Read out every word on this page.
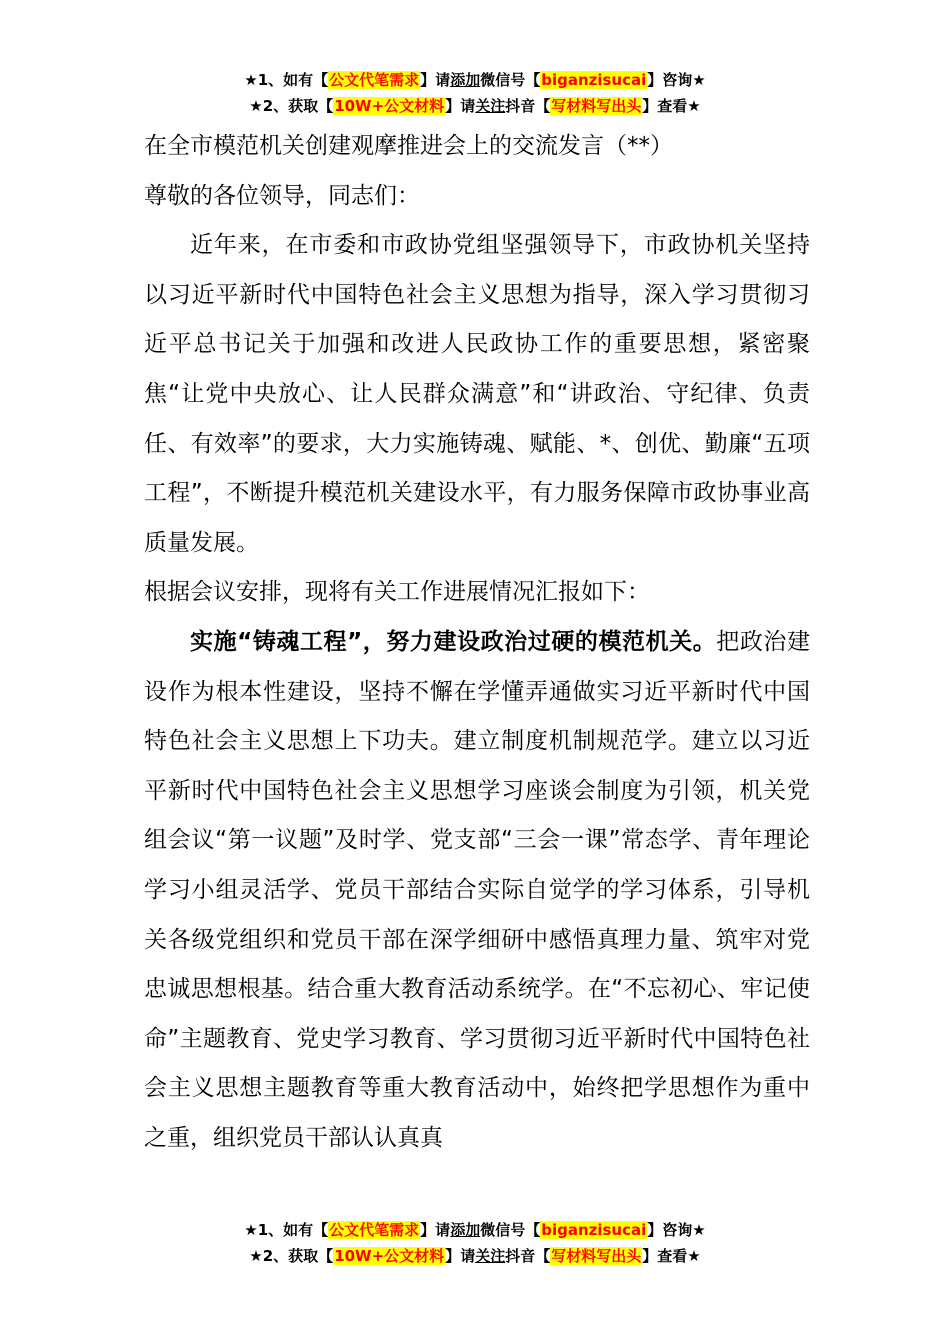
★1、如有【公文代笔需求】请添加微信号【biganzisucai】咨询★
★2、获取【10W+公文材料】请关注抖音【写材料写出头】查看★

在全市模范机关创建观摩推进会上的交流发言（**）

尊敬的各位领导，同志们：

近年来，在市委和市政协党组坚强领导下，市政协机关坚持以习近平新时代中国特色社会主义思想为指导，深入学习贯彻习近平总书记关于加强和改进人民政协工作的重要思想，紧密聚焦“让党中央放心、让人民群众满意”和“讲政治、守纪律、负责任、有效率”的要求，大力实施铸魂、赋能、*、创优、勤廉“五项工程”，不断提升模范机关建设水平，有力服务保障市政协事业高质量发展。

根据会议安排，现将有关工作进展情况汇报如下：

实施“铸魂工程”，努力建设政治过硬的模范机关。把政治建设作为根本性建设，坚持不懈在学懂弄通做实习近平新时代中国特色社会主义思想上下功夫。建立制度机制规范学。建立以习近平新时代中国特色社会主义思想学习座谈会制度为引领，机关党组会议“第一议题”及时学、党支部“三会一课”常态学、青年理论学习小组灵活学、党员干部结合实际自觉学的学习体系，引导机关各级党组织和党员干部在深学细研中感悟真理力量、筑牢对党忠诚思想根基。结合重大教育活动系统学。在“不忘初心、牢记使命”主题教育、党史学习教育、学习贯彻习近平新时代中国特色社会主义思想主题教育等重大教育活动中，始终把学思想作为重中之重，组织党员干部认认真真

★1、如有【公文代笔需求】请添加微信号【biganzisucai】咨询★
★2、获取【10W+公文材料】请关注抖音【写材料写出头】查看★
